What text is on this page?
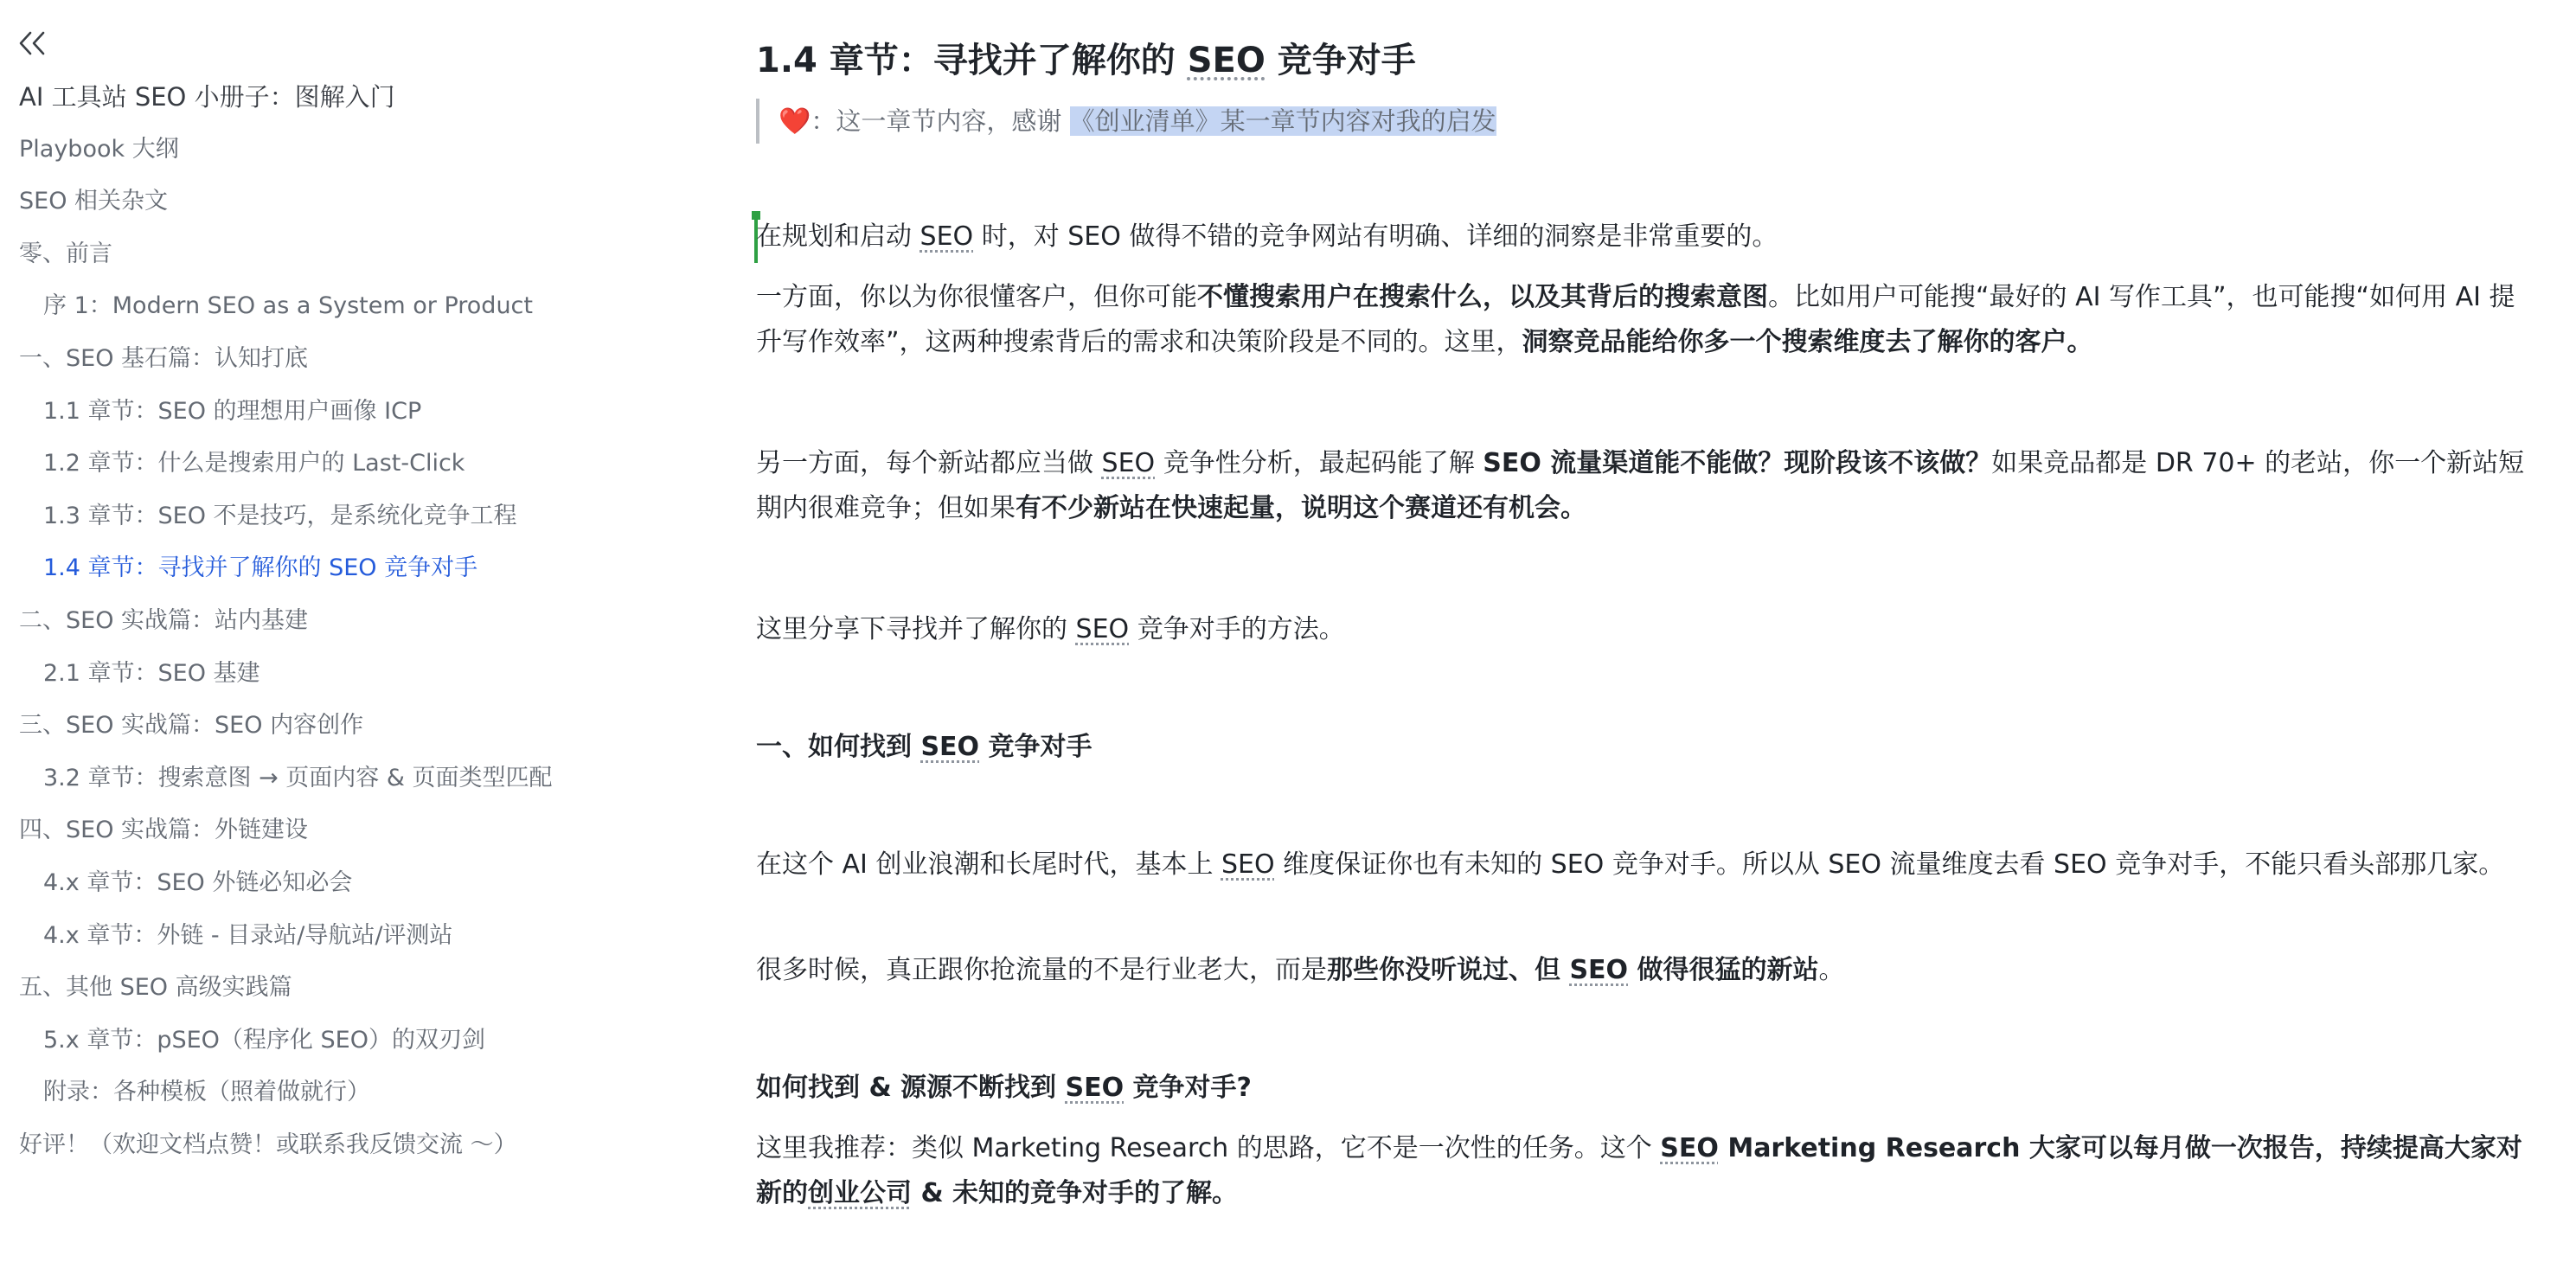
AI 工具站 SEO 小册子：图解入门
Playbook 大纲
SEO 相关杂文
零、前言
序 1：Modern SEO as a System or Product
一、SEO 基石篇：认知打底
1.1 章节：SEO 的理想用户画像 ICP
1.2 章节：什么是搜索用户的 Last-Click
1.3 章节：SEO 不是技巧，是系统化竞争工程
1.4 章节：寻找并了解你的 SEO 竞争对手
二、SEO 实战篇：站内基建
2.1 章节：SEO 基建
三、SEO 实战篇：SEO 内容创作
3.2 章节：搜索意图 → 页面内容 & 页面类型匹配
四、SEO 实战篇：外链建设
4.x 章节：SEO 外链必知必会
4.x 章节：外链 - 目录站/导航站/评测站
五、其他 SEO 高级实践篇
5.x 章节：pSEO（程序化 SEO）的双刃剑
附录：各种模板（照着做就行）
好评！（欢迎文档点赞！或联系我反馈交流 ～）
1.4 章节：寻找并了解你的 SEO 竞争对手
❤️：这一章节内容，感谢 《创业清单》某一章节内容对我的启发

在规划和启动 SEO 时，对 SEO 做得不错的竞争网站有明确、详细的洞察是非常重要的。

一方面，你以为你很懂客户，但你可能不懂搜索用户在搜索什么，以及其背后的搜索意图。比如用户可能搜“最好的 AI 写作工具”，也可能搜“如何用 AI 提升写作效率”，这两种搜索背后的需求和决策阶段是不同的。这里，洞察竞品能给你多一个搜索维度去了解你的客户。

另一方面，每个新站都应当做 SEO 竞争性分析，最起码能了解 SEO 流量渠道能不能做？现阶段该不该做？如果竞品都是 DR 70+ 的老站，你一个新站短期内很难竞争；但如果有不少新站在快速起量，说明这个赛道还有机会。

这里分享下寻找并了解你的 SEO 竞争对手的方法。

一、如何找到 SEO 竞争对手

在这个 AI 创业浪潮和长尾时代，基本上 SEO 维度保证你也有未知的 SEO 竞争对手。所以从 SEO 流量维度去看 SEO 竞争对手，不能只看头部那几家。

很多时候，真正跟你抢流量的不是行业老大，而是那些你没听说过、但 SEO 做得很猛的新站。

如何找到 & 源源不断找到 SEO 竞争对手?

这里我推荐：类似 Marketing Research 的思路，它不是一次性的任务。这个 SEO Marketing Research 大家可以每月做一次报告，持续提高大家对新的创业公司 & 未知的竞争对手的了解。
